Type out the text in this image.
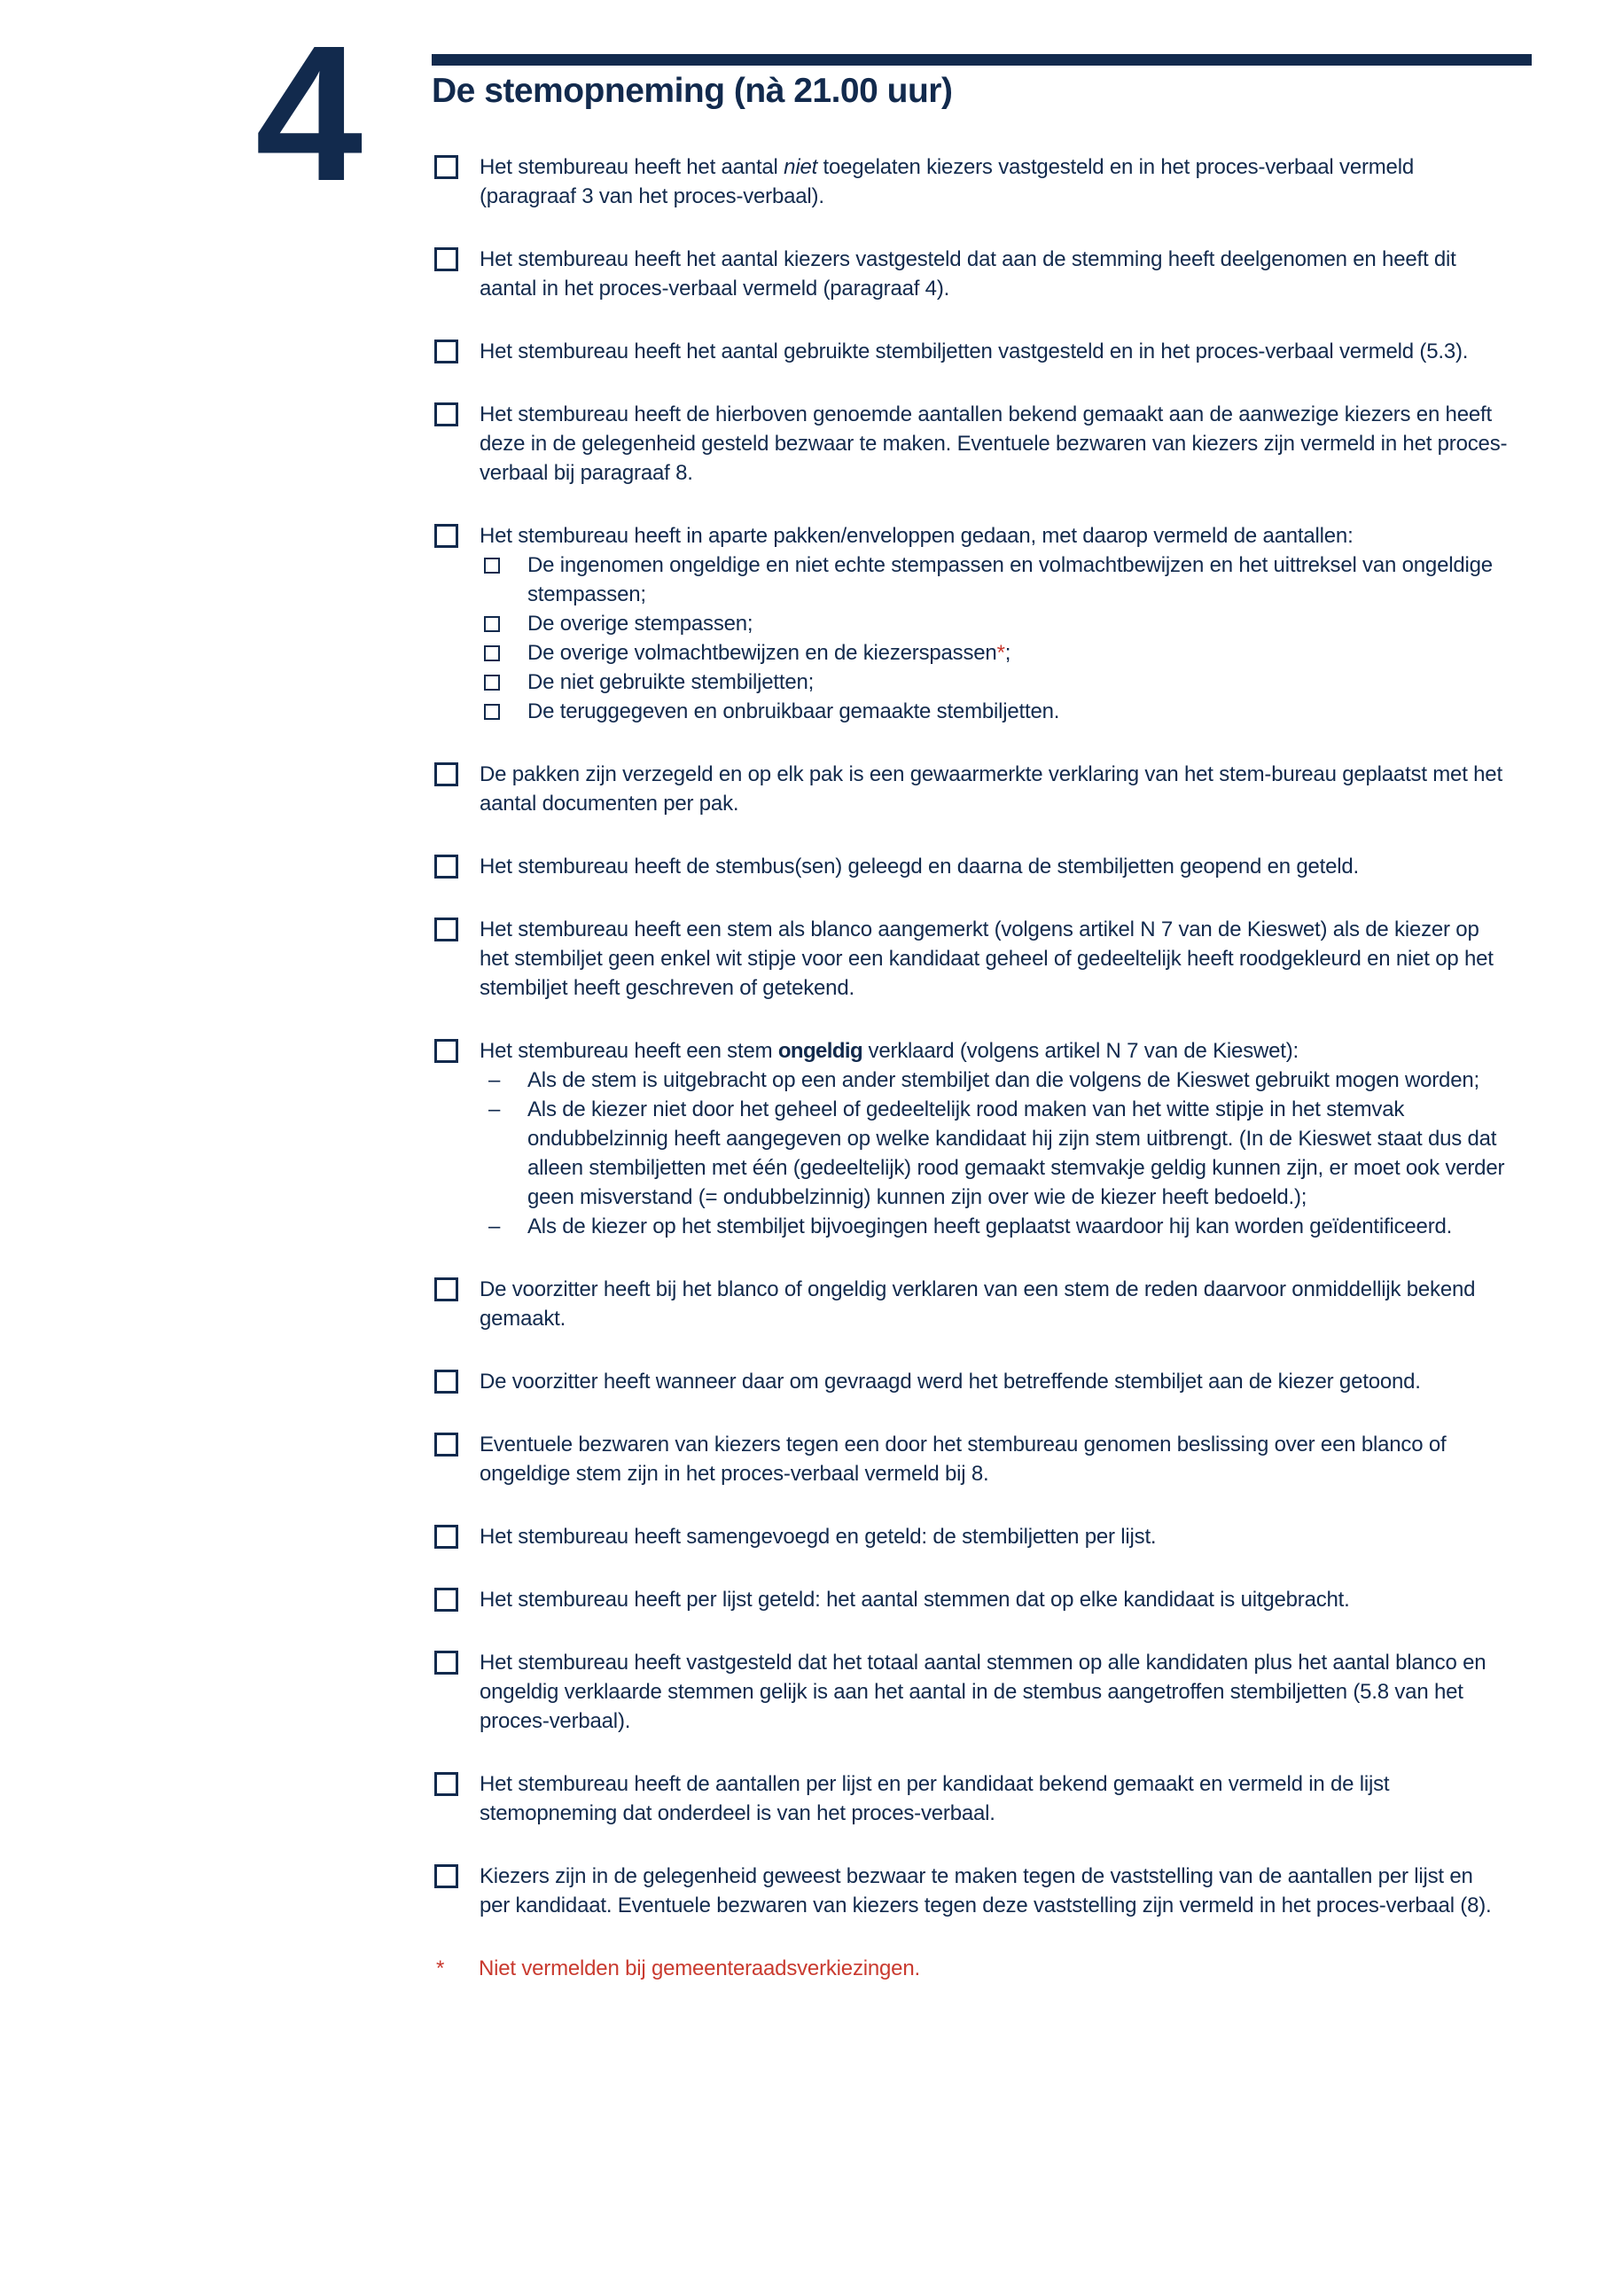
4 De stemopneming (nà 21.00 uur)
Het stembureau heeft het aantal niet toegelaten kiezers vastgesteld en in het proces-verbaal vermeld (paragraaf 3 van het proces-verbaal).
Het stembureau heeft het aantal kiezers vastgesteld dat aan de stemming heeft deelgenomen en heeft dit aantal in het proces-verbaal vermeld (paragraaf 4).
Het stembureau heeft het aantal gebruikte stembiljetten vastgesteld en in het proces-verbaal vermeld (5.3).
Het stembureau heeft de hierboven genoemde aantallen bekend gemaakt aan de aanwezige kiezers en heeft deze in de gelegenheid gesteld bezwaar te maken. Eventuele bezwaren van kiezers zijn vermeld in het proces-verbaal bij paragraaf 8.
Het stembureau heeft in aparte pakken/enveloppen gedaan, met daarop vermeld de aantallen:
De ingenomen ongeldige en niet echte stempassen en volmachtbewijzen en het uittreksel van ongeldige stempassen;
De overige stempassen;
De overige volmachtbewijzen en de kiezerspassen*;
De niet gebruikte stembiljetten;
De teruggegeven en onbruikbaar gemaakte stembiljetten.
De pakken zijn verzegeld en op elk pak is een gewaarmerkte verklaring van het stem-bureau geplaatst met het aantal documenten per pak.
Het stembureau heeft de stembus(sen) geleegd en daarna de stembiljetten geopend en geteld.
Het stembureau heeft een stem als blanco aangemerkt (volgens artikel N 7 van de Kieswet) als de kiezer op het stembiljet geen enkel wit stipje voor een kandidaat geheel of gedeeltelijk heeft roodgekleurd en niet op het stembiljet heeft geschreven of getekend.
Het stembureau heeft een stem ongeldig verklaard (volgens artikel N 7 van de Kieswet):
–	Als de stem is uitgebracht op een ander stembiljet dan die volgens de Kieswet gebruikt mogen worden;
–	Als de kiezer niet door het geheel of gedeeltelijk rood maken van het witte stipje in het stemvak ondubbelzinnig heeft aangegeven op welke kandidaat hij zijn stem uitbrengt. (In de Kieswet staat dus dat alleen stembiljetten met één (gedeeltelijk) rood gemaakt stemvakje geldig kunnen zijn, er moet ook verder geen misverstand (= ondubbelzinnig) kunnen zijn over wie de kiezer heeft bedoeld.);
–	Als de kiezer op het stembiljet bijvoegingen heeft geplaatst waardoor hij kan worden geïdentificeerd.
De voorzitter heeft bij het blanco of ongeldig verklaren van een stem de reden daarvoor onmiddellijk bekend gemaakt.
De voorzitter heeft wanneer daar om gevraagd werd het betreffende stembiljet aan de kiezer getoond.
Eventuele bezwaren van kiezers tegen een door het stembureau genomen beslissing over een blanco of ongeldige stem zijn in het proces-verbaal vermeld bij 8.
Het stembureau heeft samengevoegd en geteld: de stembiljetten per lijst.
Het stembureau heeft per lijst geteld: het aantal stemmen dat op elke kandidaat is uitgebracht.
Het stembureau heeft vastgesteld dat het totaal aantal stemmen op alle kandidaten plus het aantal blanco en ongeldig verklaarde stemmen gelijk is aan het aantal in de stembus aangetroffen stembiljetten (5.8 van het proces-verbaal).
Het stembureau heeft de aantallen per lijst en per kandidaat bekend gemaakt en vermeld in de lijst stemopneming dat onderdeel is van het proces-verbaal.
Kiezers zijn in de gelegenheid geweest bezwaar te maken tegen de vaststelling van de aantallen per lijst en per kandidaat. Eventuele bezwaren van kiezers tegen deze vaststelling zijn vermeld in het proces-verbaal (8).
*	Niet vermelden bij gemeenteraadsverkiezingen.
